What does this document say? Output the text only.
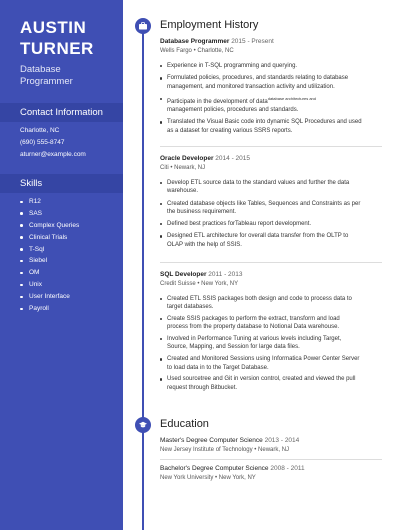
AUSTIN
TURNER
Database
Programmer
Contact Information
Charlotte, NC
(690) 555-8747
aturner@example.com
Skills
R12
SAS
Complex Queries
Clinical Trials
T-Sql
Siebel
OM
Unix
User Interface
Payroll
Employment History
Database Programmer 2015 - Present
Wells Fargo • Charlotte, NC
Experience in T-SQL programming and querying.
Formulated policies, procedures, and standards relating to database
management, and monitored transaction activity and utilization.
Participate in the development of data$^{database architectures and}$
management policies, procedures and standards.
Translated the Visual Basic code into dynamic SQL Procedures and used
as a dataset for creating various SSRS reports.
Oracle Developer 2014 - 2015
Citi • Newark, NJ
Develop ETL source data to the standard values and further the data
warehouse.
Created database objects like Tables, Sequences and Constraints as per
the business requirement.
Defined best practices forTableau report development.
Designed ETL architecture for overall data transfer from the OLTP to
OLAP with the help of SSIS.
SQL Developer 2011 - 2013
Credit Suisse • New York, NY
Created ETL SSIS packages both design and code to process data to
target databases.
Create SSIS packages to perform the extract, transform and load
process from the property database to Notional Data warehouse.
Involved in Performance Tuning at various levels including Target,
Source, Mapping, and Session for large data files.
Created and Monitored Sessions using Informatica Power Center Server
to load data in to the Target Database.
Used sourcetree and Git in version control, created and viewed the pull
request through Bitbucket.
Education
Master's Degree Computer Science 2013 - 2014
New Jersey Institute of Technology • Newark, NJ
Bachelor's Degree Computer Science 2008 - 2011
New York University • New York, NY
